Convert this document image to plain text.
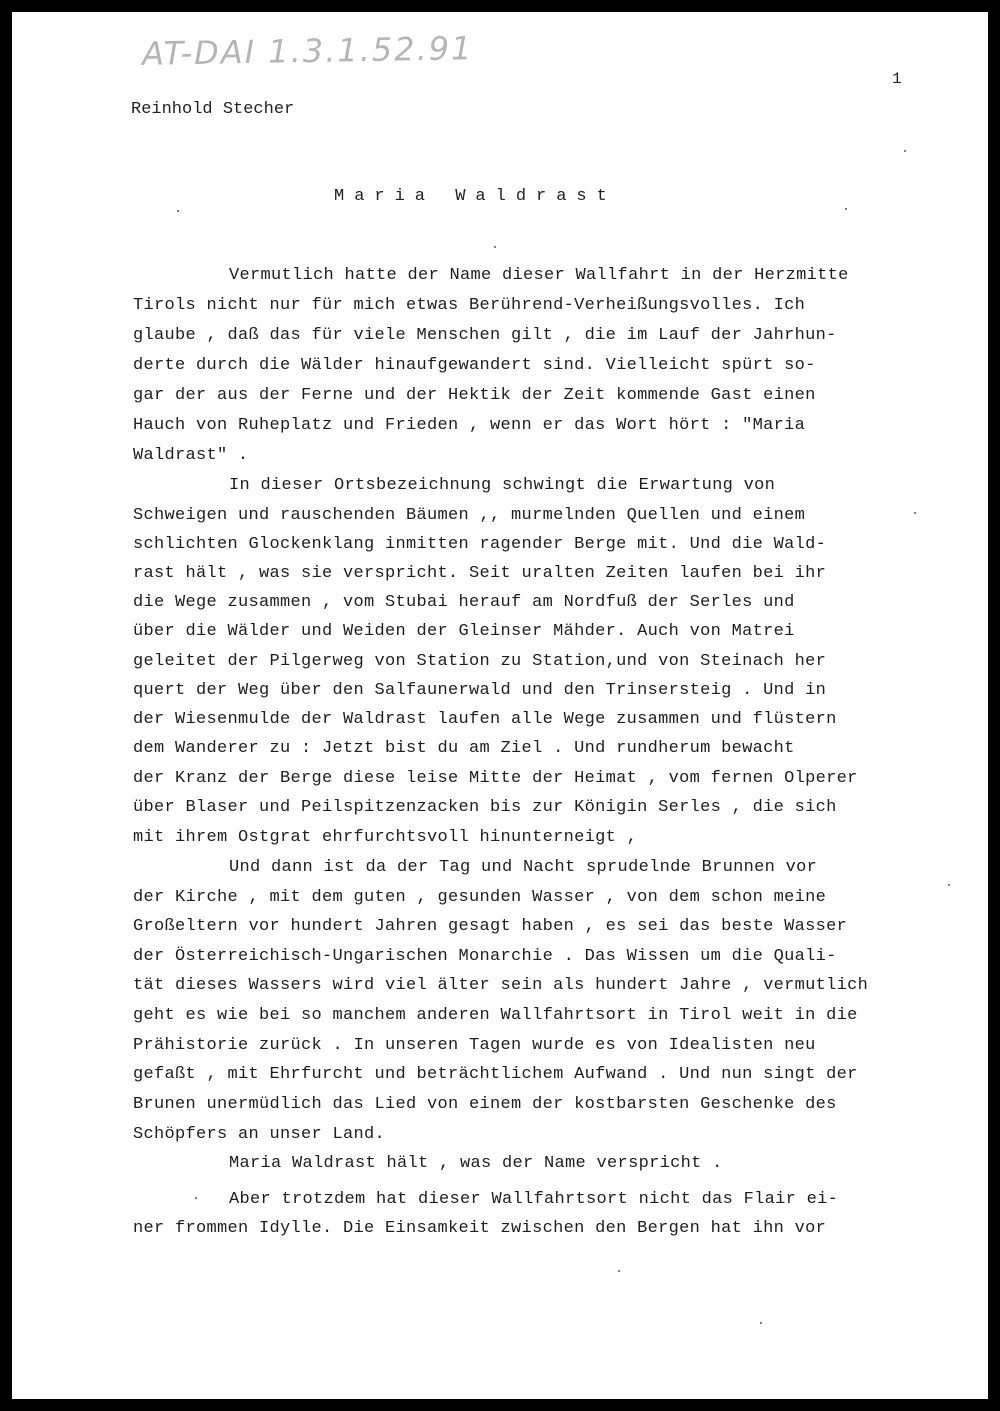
AT-DAI 1.3.1.52.91
1
Reinhold Stecher
Maria Waldrast
Vermutlich hatte der Name dieser Wallfahrt in der Herzmitte
Tirols nicht nur für mich etwas Berührend-Verheißungsvolles. Ich
glaube , daß das für viele Menschen gilt , die im Lauf der Jahrhun-
derte durch die Wälder hinaufgewandert sind. Vielleicht spürt so-
gar der aus der Ferne und der Hektik der Zeit kommende Gast einen
Hauch von Ruheplatz und Frieden , wenn er das Wort hört : "Maria
Waldrast" .
In dieser Ortsbezeichnung schwingt die Erwartung von
Schweigen und rauschenden Bäumen ,, murmelnden Quellen und einem
schlichten Glockenklang inmitten ragender Berge mit. Und die Wald-
rast hält , was sie verspricht. Seit uralten Zeiten laufen bei ihr
die Wege zusammen , vom Stubai herauf am Nordfuß der Serles und
über die Wälder und Weiden der Gleinser Mähder. Auch von Matrei
geleitet der Pilgerweg von Station zu Station,und von Steinach her
quert der Weg über den Salfaunerwald und den Trinsersteig . Und in
der Wiesenmulde der Waldrast laufen alle Wege zusammen und flüstern
dem Wanderer zu : Jetzt bist du am Ziel . Und rundherum bewacht
der Kranz der Berge diese leise Mitte der Heimat , vom fernen Olperer
über Blaser und Peilspitzenzacken bis zur Königin Serles , die sich
mit ihrem Ostgrat ehrfurchtsvoll hinunterneigt ,
Und dann ist da der Tag und Nacht sprudelnde Brunnen vor
der Kirche , mit dem guten , gesunden Wasser , von dem schon meine
Großeltern vor hundert Jahren gesagt haben , es sei das beste Wasser
der Österreichisch-Ungarischen Monarchie . Das Wissen um die Quali-
tät dieses Wassers wird viel älter sein als hundert Jahre , vermutlich
geht es wie bei so manchem anderen Wallfahrtsort in Tirol weit in die
Prähistorie zurück . In unseren Tagen wurde es von Idealisten neu
gefaßt , mit Ehrfurcht und beträchtlichem Aufwand . Und nun singt der
Brunen unermüdlich das Lied von einem der kostbarsten Geschenke des
Schöpfers an unser Land.
Maria Waldrast hält , was der Name verspricht .
Aber trotzdem hat dieser Wallfahrtsort nicht das Flair ei-
ner frommen Idylle. Die Einsamkeit zwischen den Bergen hat ihn vor
